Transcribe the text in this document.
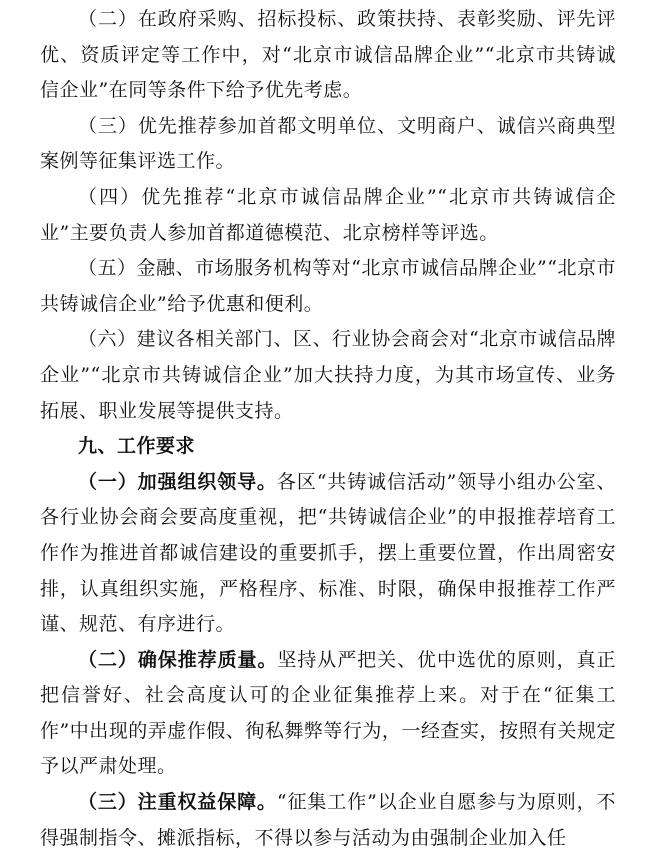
（二）在政府采购、招标投标、政策扶持、表彰奖励、评先评优、资质评定等工作中，对“北京市诚信品牌企业”“北京市共铸诚信企业”在同等条件下给予优先考虑。

（三）优先推荐参加首都文明单位、文明商户、诚信兴商典型案例等征集评选工作。

（四）优先推荐“北京市诚信品牌企业”“北京市共铸诚信企业”主要负责人参加首都道德模范、北京榜样等评选。

（五）金融、市场服务机构等对“北京市诚信品牌企业”“北京市共铸诚信企业”给予优惠和便利。

（六）建议各相关部门、区、行业协会商会对“北京市诚信品牌企业”“北京市共铸诚信企业”加大扶持力度，为其市场宣传、业务拓展、职业发展等提供支持。

九、工作要求

（一）加强组织领导。各区“共铸诚信活动”领导小组办公室、各行业协会商会要高度重视，把“共铸诚信企业”的申报推荐培育工作作为推进首都诚信建设的重要抓手，摆上重要位置，作出周密安排，认真组织实施，严格程序、标准、时限，确保申报推荐工作严谨、规范、有序进行。

（二）确保推荐质量。坚持从严把关、优中选优的原则，真正把信誉好、社会高度认可的企业征集推荐上来。对于在“征集工作”中出现的弄虚作假、徇私舞弊等行为，一经查实，按照有关规定予以严肃处理。

（三）注重权益保障。“征集工作”以企业自愿参与为原则，不得强制指令、摊派指标，不得以参与活动为由强制企业加入任
